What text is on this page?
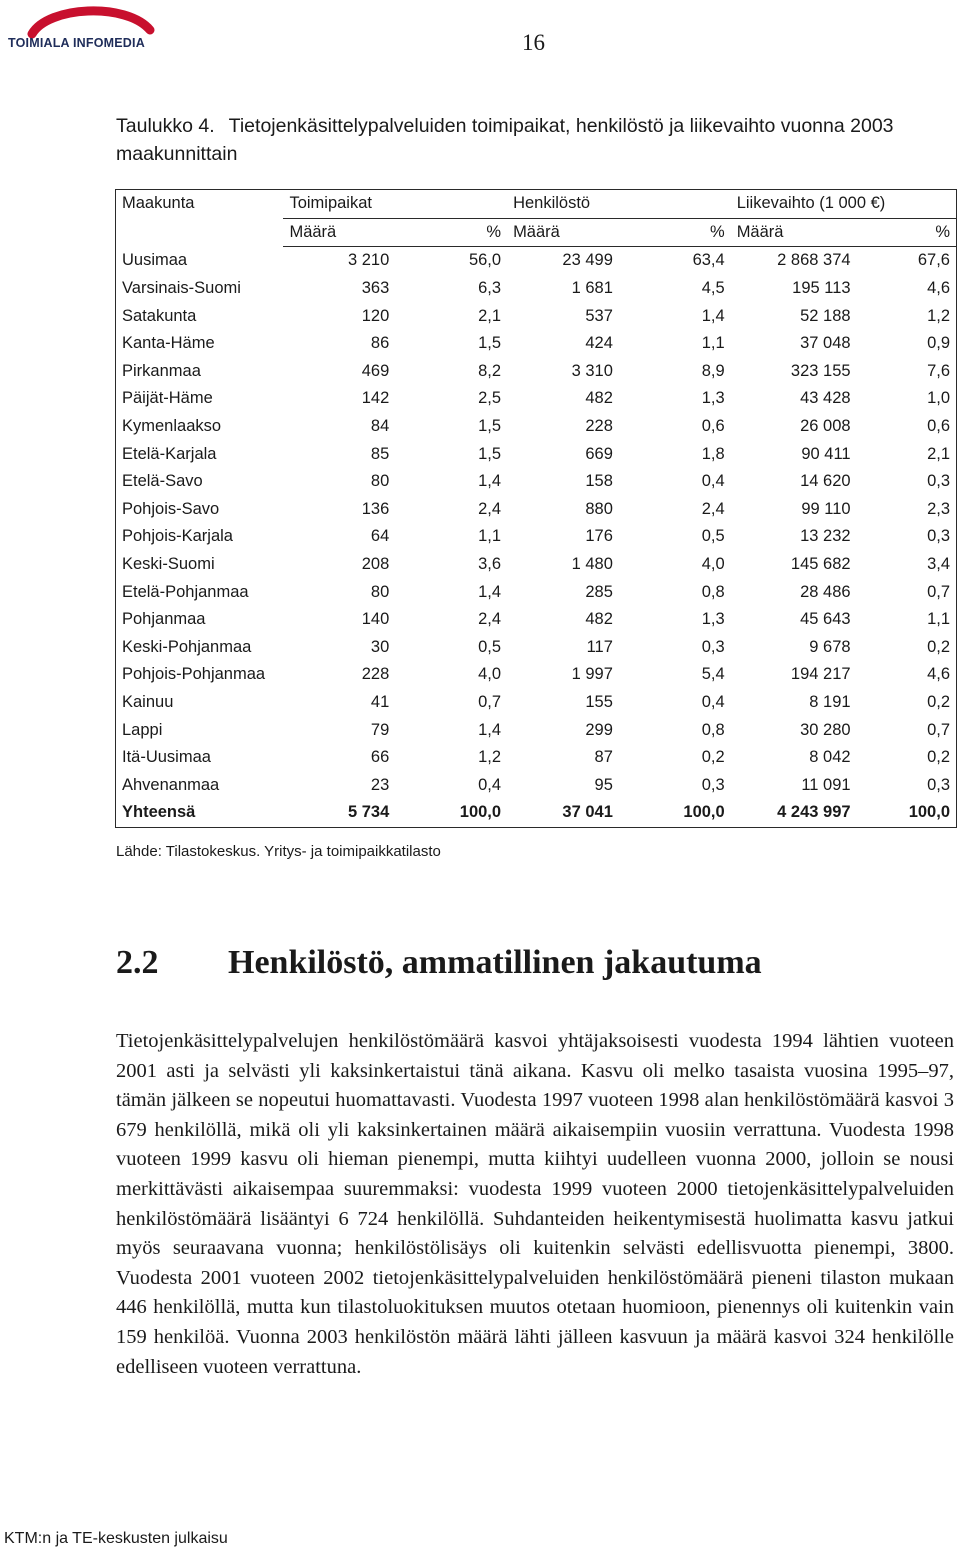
TOIMIALA INFOMEDIA	16
Taulukko 4. Tietojenkäsittelypalveluiden toimipaikat, henkilöstö ja liikevaihto vuonna 2003 maakunnittain
Maakunta	Toimipaikat		Henkilöstö		Liikevaihto (1 000 €)	
	Määrä	%	Määrä	%	Määrä	%
Uusimaa	3 210	56,0	23 499	63,4	2 868 374	67,6
Varsinais-Suomi	363	6,3	1 681	4,5	195 113	4,6
Satakunta	120	2,1	537	1,4	52 188	1,2
Kanta-Häme	86	1,5	424	1,1	37 048	0,9
Pirkanmaa	469	8,2	3 310	8,9	323 155	7,6
Päijät-Häme	142	2,5	482	1,3	43 428	1,0
Kymenlaakso	84	1,5	228	0,6	26 008	0,6
Etelä-Karjala	85	1,5	669	1,8	90 411	2,1
Etelä-Savo	80	1,4	158	0,4	14 620	0,3
Pohjois-Savo	136	2,4	880	2,4	99 110	2,3
Pohjois-Karjala	64	1,1	176	0,5	13 232	0,3
Keski-Suomi	208	3,6	1 480	4,0	145 682	3,4
Etelä-Pohjanmaa	80	1,4	285	0,8	28 486	0,7
Pohjanmaa	140	2,4	482	1,3	45 643	1,1
Keski-Pohjanmaa	30	0,5	117	0,3	9 678	0,2
Pohjois-Pohjanmaa	228	4,0	1 997	5,4	194 217	4,6
Kainuu	41	0,7	155	0,4	8 191	0,2
Lappi	79	1,4	299	0,8	30 280	0,7
Itä-Uusimaa	66	1,2	87	0,2	8 042	0,2
Ahvenanmaa	23	0,4	95	0,3	11 091	0,3
Yhteensä	5 734	100,0	37 041	100,0	4 243 997	100,0
Lähde: Tilastokeskus. Yritys- ja toimipaikkatilasto
2.2 Henkilöstö, ammatillinen jakautuma
Tietojenkäsittelypalvelujen henkilöstömäärä kasvoi yhtäjaksoisesti vuodesta 1994 lähtien vuoteen 2001 asti ja selvästi yli kaksinkertaistui tänä aikana. Kasvu oli melko tasaista vuosina 1995–97, tämän jälkeen se nopeutui huomattavasti. Vuodesta 1997 vuoteen 1998 alan henkilöstömäärä kasvoi 3 679 henkilöllä, mikä oli yli kaksinkertainen määrä aikaisempiin vuosiin verrattuna. Vuodesta 1998 vuoteen 1999 kasvu oli hieman pienempi, mutta kiihtyi uudelleen vuonna 2000, jolloin se nousi merkittävästi aikaisempaa suuremmaksi: vuodesta 1999 vuoteen 2000 tietojenkäsittelypalveluiden henkilöstömäärä lisääntyi 6 724 henkilöllä. Suhdanteiden heikentymisestä huolimatta kasvu jatkui myös seuraavana vuonna; henkilöstölisäys oli kuitenkin selvästi edellisvuotta pienempi, 3800. Vuodesta 2001 vuoteen 2002 tietojenkäsittelypalveluiden henkilöstömäärä pieneni tilaston mukaan 446 henkilöllä, mutta kun tilastoluokituksen muutos otetaan huomioon, pienennys oli kuitenkin vain 159 henkilöä. Vuonna 2003 henkilöstön määrä lähti jälleen kasvuun ja määrä kasvoi 324 henkilölle edelliseen vuoteen verrattuna.
KTM:n ja TE-keskusten julkaisu
